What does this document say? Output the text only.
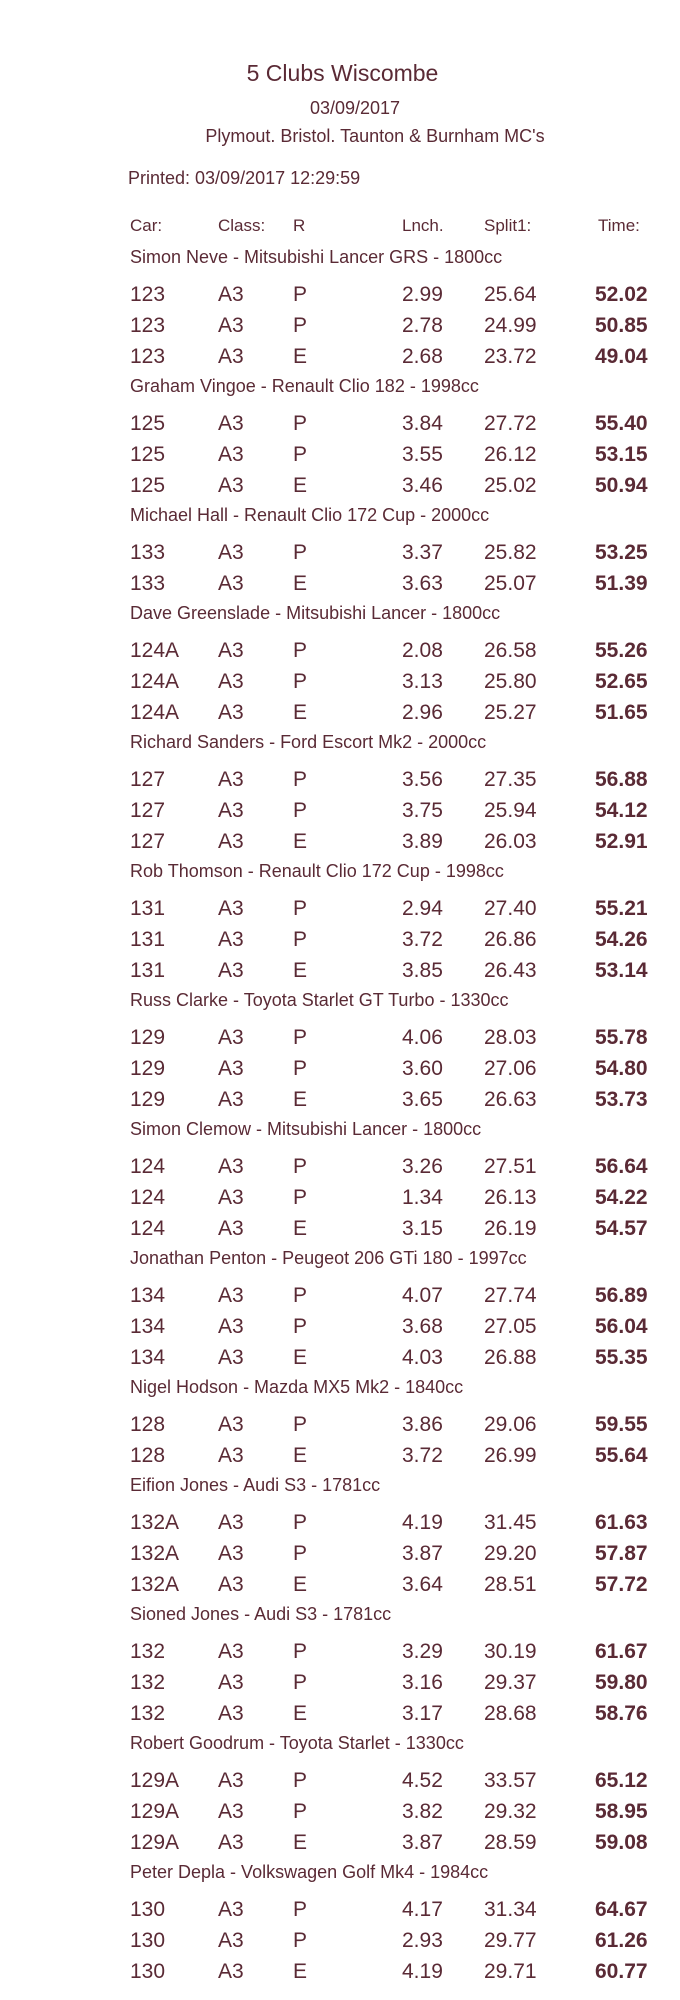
5 Clubs Wiscombe
03/09/2017
Plymout. Bristol. Taunton & Burnham MC's
Printed: 03/09/2017 12:29:59
Car:	Class: R	Lnch. Split1:	Time:
Simon Neve - Mitsubishi Lancer GRS - 1800cc
123	A3 P	2.99 25.64	52.02
123	A3 P	2.78 24.99	50.85
123	A3 E	2.68 23.72	49.04
Graham Vingoe - Renault Clio 182 - 1998cc
125	A3 P	3.84 27.72	55.40
125	A3 P	3.55 26.12	53.15
125	A3 E	3.46 25.02	50.94
Michael Hall - Renault Clio 172 Cup - 2000cc
133	A3 P	3.37 25.82	53.25
133	A3 E	3.63 25.07	51.39
Dave Greenslade - Mitsubishi Lancer - 1800cc
124A A3 P	2.08 26.58	55.26
124A A3 P	3.13 25.80	52.65
124A A3 E	2.96 25.27	51.65
Richard Sanders - Ford Escort Mk2 - 2000cc
127	A3 P	3.56 27.35	56.88
127	A3 P	3.75 25.94	54.12
127	A3 E	3.89 26.03	52.91
Rob Thomson - Renault Clio 172 Cup - 1998cc
131	A3 P	2.94 27.40	55.21
131	A3 P	3.72 26.86	54.26
131	A3 E	3.85 26.43	53.14
Russ Clarke - Toyota Starlet GT Turbo - 1330cc
129	A3 P	4.06 28.03	55.78
129	A3 P	3.60 27.06	54.80
129	A3 E	3.65 26.63	53.73
Simon Clemow - Mitsubishi Lancer - 1800cc
124	A3 P	3.26 27.51	56.64
124	A3 P	1.34 26.13	54.22
124	A3 E	3.15 26.19	54.57
Jonathan Penton - Peugeot 206 GTi 180 - 1997cc
134	A3 P	4.07 27.74	56.89
134	A3 P	3.68 27.05	56.04
134	A3 E	4.03 26.88	55.35
Nigel Hodson - Mazda MX5 Mk2 - 1840cc
128	A3 P	3.86 29.06	59.55
128	A3 E	3.72 26.99	55.64
Eifion Jones - Audi S3 - 1781cc
132A A3 P	4.19 31.45	61.63
132A A3 P	3.87 29.20	57.87
132A A3 E	3.64 28.51	57.72
Sioned Jones - Audi S3 - 1781cc
132	A3 P	3.29 30.19	61.67
132	A3 P	3.16 29.37	59.80
132	A3 E	3.17 28.68	58.76
Robert Goodrum - Toyota Starlet - 1330cc
129A A3 P	4.52 33.57	65.12
129A A3 P	3.82 29.32	58.95
129A A3 E	3.87 28.59	59.08
Peter Depla - Volkswagen Golf Mk4 - 1984cc
130	A3 P	4.17 31.34	64.67
130	A3 P	2.93 29.77	61.26
130	A3 E	4.19 29.71	60.77
